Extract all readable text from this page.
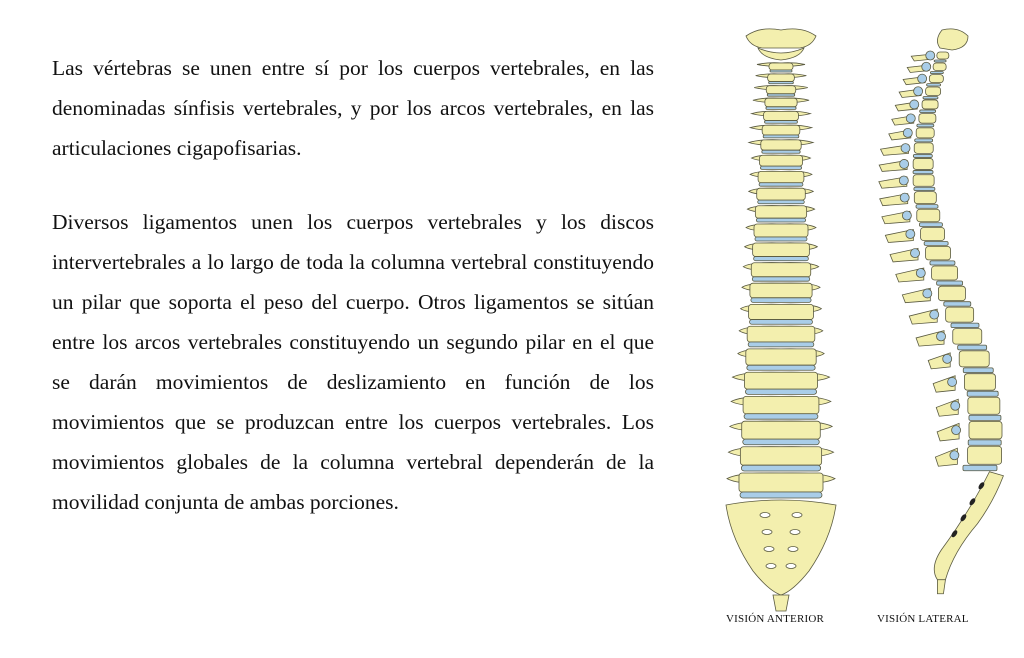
Las vértebras se unen entre sí por los cuerpos vertebrales, en las denominadas sínfisis vertebrales, y por los arcos vertebrales, en las articulaciones cigapofisarias.

Diversos ligamentos unen los cuerpos vertebrales y los discos intervertebrales a lo largo de toda la columna vertebral constituyendo un pilar que soporta el peso del cuerpo. Otros ligamentos se sitúan entre los arcos vertebrales constituyendo un segundo pilar en el que se darán movimientos de deslizamiento en función de los movimientos que se produzcan entre los cuerpos vertebrales. Los movimientos globales de la columna vertebral dependerán de la movilidad conjunta de ambas porciones.

VISIÓN ANTERIOR	VISIÓN LATERAL
